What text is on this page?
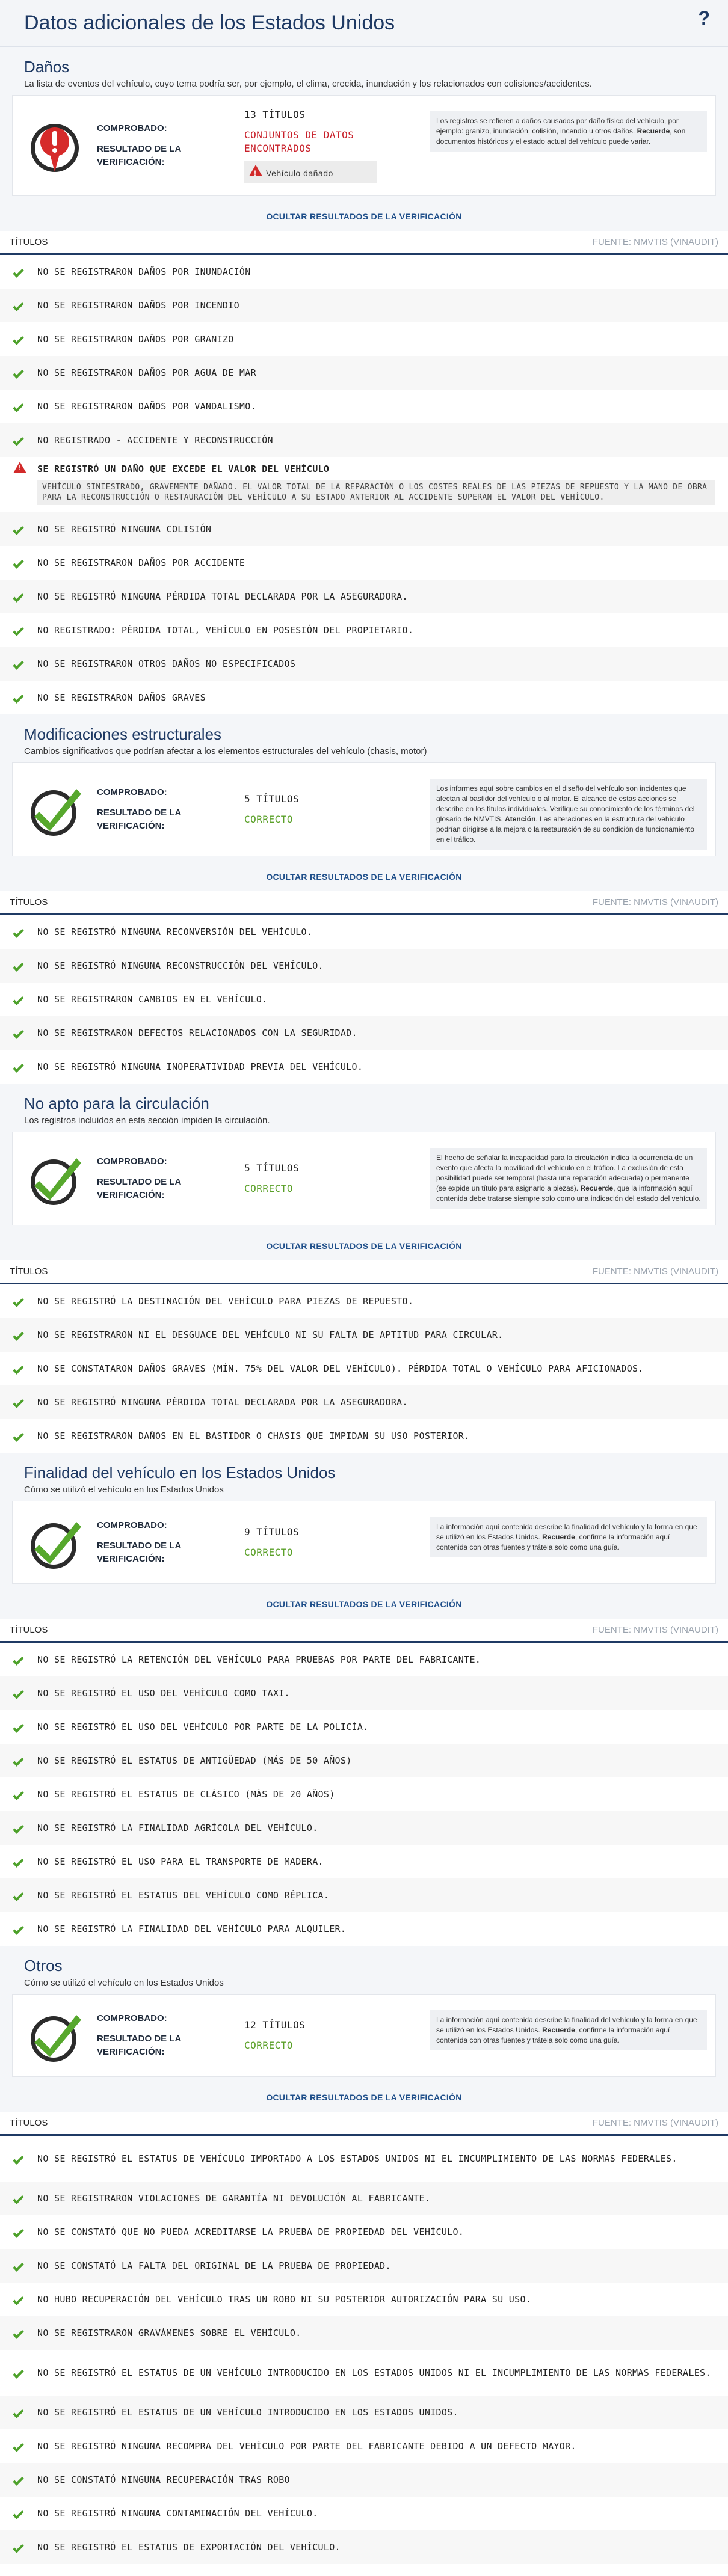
Datos adicionales de los Estados Unidos	?
Daños
La lista de eventos del vehículo, cuyo tema podría ser, por ejemplo, el clima, crecida, inundación y los relacionados con colisiones/accidentes.
COMPROBADO:
RESULTADO DE LA VERIFICACIÓN:
13 TÍTULOS
CONJUNTOS DE DATOS ENCONTRADOS
!Vehículo dañado
Los registros se refieren a daños causados por daño físico del vehículo, por ejemplo: granizo, inundación, colisión, incendio u otros daños. Recuerde, son documentos históricos y el estado actual del vehículo puede variar.
OCULTAR RESULTADOS DE LA VERIFICACIÓN
TÍTULOS	FUENTE: NMVTIS (VINAUDIT)
NO SE REGISTRARON DAÑOS POR INUNDACIÓN
NO SE REGISTRARON DAÑOS POR INCENDIO
NO SE REGISTRARON DAÑOS POR GRANIZO
NO SE REGISTRARON DAÑOS POR AGUA DE MAR
NO SE REGISTRARON DAÑOS POR VANDALISMO.
NO REGISTRADO - ACCIDENTE Y RECONSTRUCCIÓN
!
SE REGISTRÓ UN DAÑO QUE EXCEDE EL VALOR DEL VEHÍCULO
VEHÍCULO SINIESTRADO, GRAVEMENTE DAÑADO. EL VALOR TOTAL DE LA REPARACIÓN O LOS COSTES REALES DE LAS PIEZAS DE REPUESTO Y LA MANO DE OBRA PARA LA RECONSTRUCCIÓN O RESTAURACIÓN DEL VEHÍCULO A SU ESTADO ANTERIOR AL ACCIDENTE SUPERAN EL VALOR DEL VEHÍCULO.
NO SE REGISTRÓ NINGUNA COLISIÓN
NO SE REGISTRARON DAÑOS POR ACCIDENTE
NO SE REGISTRÓ NINGUNA PÉRDIDA TOTAL DECLARADA POR LA ASEGURADORA.
NO REGISTRADO: PÉRDIDA TOTAL, VEHÍCULO EN POSESIÓN DEL PROPIETARIO.
NO SE REGISTRARON OTROS DAÑOS NO ESPECIFICADOS
NO SE REGISTRARON DAÑOS GRAVES
Modificaciones estructurales
Cambios significativos que podrían afectar a los elementos estructurales del vehículo (chasis, motor)
COMPROBADO:
RESULTADO DE LA VERIFICACIÓN:
5 TÍTULOS
CORRECTO
Los informes aquí sobre cambios en el diseño del vehículo son incidentes que afectan al bastidor del vehículo o al motor. El alcance de estas acciones se describe en los títulos individuales. Verifique su conocimiento de los términos del glosario de NMVTIS. Atención. Las alteraciones en la estructura del vehículo podrían dirigirse a la mejora o la restauración de su condición de funcionamiento en el tráfico.
OCULTAR RESULTADOS DE LA VERIFICACIÓN
TÍTULOS	FUENTE: NMVTIS (VINAUDIT)
NO SE REGISTRÓ NINGUNA RECONVERSIÓN DEL VEHÍCULO.
NO SE REGISTRÓ NINGUNA RECONSTRUCCIÓN DEL VEHÍCULO.
NO SE REGISTRARON CAMBIOS EN EL VEHÍCULO.
NO SE REGISTRARON DEFECTOS RELACIONADOS CON LA SEGURIDAD.
NO SE REGISTRÓ NINGUNA INOPERATIVIDAD PREVIA DEL VEHÍCULO.
No apto para la circulación
Los registros incluidos en esta sección impiden la circulación.
COMPROBADO:
RESULTADO DE LA VERIFICACIÓN:
5 TÍTULOS
CORRECTO
El hecho de señalar la incapacidad para la circulación indica la ocurrencia de un evento que afecta la movilidad del vehículo en el tráfico. La exclusión de esta posibilidad puede ser temporal (hasta una reparación adecuada) o permanente (se expide un título para asignarlo a piezas). Recuerde, que la información aquí contenida debe tratarse siempre solo como una indicación del estado del vehículo.
OCULTAR RESULTADOS DE LA VERIFICACIÓN
TÍTULOS	FUENTE: NMVTIS (VINAUDIT)
NO SE REGISTRÓ LA DESTINACIÓN DEL VEHÍCULO PARA PIEZAS DE REPUESTO.
NO SE REGISTRARON NI EL DESGUACE DEL VEHÍCULO NI SU FALTA DE APTITUD PARA CIRCULAR.
NO SE CONSTATARON DAÑOS GRAVES (MÍN. 75% DEL VALOR DEL VEHÍCULO). PÉRDIDA TOTAL O VEHÍCULO PARA AFICIONADOS.
NO SE REGISTRÓ NINGUNA PÉRDIDA TOTAL DECLARADA POR LA ASEGURADORA.
NO SE REGISTRARON DAÑOS EN EL BASTIDOR O CHASIS QUE IMPIDAN SU USO POSTERIOR.
Finalidad del vehículo en los Estados Unidos
Cómo se utilizó el vehículo en los Estados Unidos
COMPROBADO:
RESULTADO DE LA VERIFICACIÓN:
9 TÍTULOS
CORRECTO
La información aquí contenida describe la finalidad del vehículo y la forma en que se utilizó en los Estados Unidos. Recuerde, confirme la información aquí contenida con otras fuentes y trátela solo como una guía.
OCULTAR RESULTADOS DE LA VERIFICACIÓN
TÍTULOS	FUENTE: NMVTIS (VINAUDIT)
NO SE REGISTRÓ LA RETENCIÓN DEL VEHÍCULO PARA PRUEBAS POR PARTE DEL FABRICANTE.
NO SE REGISTRÓ EL USO DEL VEHÍCULO COMO TAXI.
NO SE REGISTRÓ EL USO DEL VEHÍCULO POR PARTE DE LA POLICÍA.
NO SE REGISTRÓ EL ESTATUS DE ANTIGÜEDAD (MÁS DE 50 AÑOS)
NO SE REGISTRÓ EL ESTATUS DE CLÁSICO (MÁS DE 20 AÑOS)
NO SE REGISTRÓ LA FINALIDAD AGRÍCOLA DEL VEHÍCULO.
NO SE REGISTRÓ EL USO PARA EL TRANSPORTE DE MADERA.
NO SE REGISTRÓ EL ESTATUS DEL VEHÍCULO COMO RÉPLICA.
NO SE REGISTRÓ LA FINALIDAD DEL VEHÍCULO PARA ALQUILER.
Otros
Cómo se utilizó el vehículo en los Estados Unidos
COMPROBADO:
RESULTADO DE LA VERIFICACIÓN:
12 TÍTULOS
CORRECTO
La información aquí contenida describe la finalidad del vehículo y la forma en que se utilizó en los Estados Unidos. Recuerde, confirme la información aquí contenida con otras fuentes y trátela solo como una guía.
OCULTAR RESULTADOS DE LA VERIFICACIÓN
TÍTULOS	FUENTE: NMVTIS (VINAUDIT)
NO SE REGISTRÓ EL ESTATUS DE VEHÍCULO IMPORTADO A LOS ESTADOS UNIDOS NI EL INCUMPLIMIENTO DE LAS NORMAS FEDERALES.
NO SE REGISTRARON VIOLACIONES DE GARANTÍA NI DEVOLUCIÓN AL FABRICANTE.
NO SE CONSTATÓ QUE NO PUEDA ACREDITARSE LA PRUEBA DE PROPIEDAD DEL VEHÍCULO.
NO SE CONSTATÓ LA FALTA DEL ORIGINAL DE LA PRUEBA DE PROPIEDAD.
NO HUBO RECUPERACIÓN DEL VEHÍCULO TRAS UN ROBO NI SU POSTERIOR AUTORIZACIÓN PARA SU USO.
NO SE REGISTRARON GRAVÁMENES SOBRE EL VEHÍCULO.
NO SE REGISTRÓ EL ESTATUS DE UN VEHÍCULO INTRODUCIDO EN LOS ESTADOS UNIDOS NI EL INCUMPLIMIENTO DE LAS NORMAS FEDERALES.
NO SE REGISTRÓ EL ESTATUS DE UN VEHÍCULO INTRODUCIDO EN LOS ESTADOS UNIDOS.
NO SE REGISTRÓ NINGUNA RECOMPRA DEL VEHÍCULO POR PARTE DEL FABRICANTE DEBIDO A UN DEFECTO MAYOR.
NO SE CONSTATÓ NINGUNA RECUPERACIÓN TRAS ROBO
NO SE REGISTRÓ NINGUNA CONTAMINACIÓN DEL VEHÍCULO.
NO SE REGISTRÓ EL ESTATUS DE EXPORTACIÓN DEL VEHÍCULO.
